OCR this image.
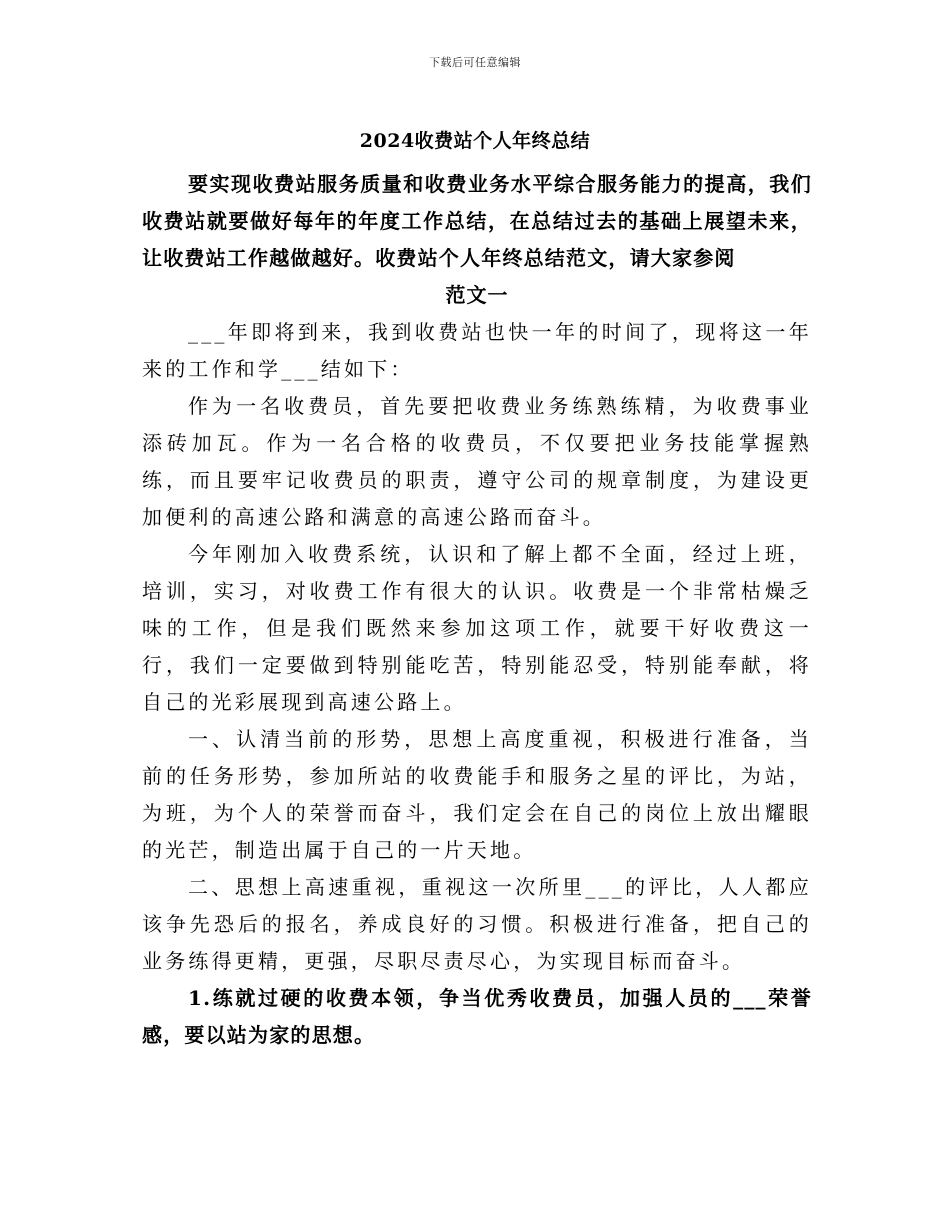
下载后可任意编辑
2024收费站个人年终总结

要实现收费站服务质量和收费业务水平综合服务能力的提高，我们收费站就要做好每年的年度工作总结，在总结过去的基础上展望未来，让收费站工作越做越好。收费站个人年终总结范文，请大家参阅

范文一

___年即将到来，我到收费站也快一年的时间了，现将这一年来的工作和学___结如下：

作为一名收费员，首先要把收费业务练熟练精，为收费事业添砖加瓦。作为一名合格的收费员，不仅要把业务技能掌握熟练，而且要牢记收费员的职责，遵守公司的规章制度，为建设更加便利的高速公路和满意的高速公路而奋斗。

今年刚加入收费系统，认识和了解上都不全面，经过上班，培训，实习，对收费工作有很大的认识。收费是一个非常枯燥乏味的工作，但是我们既然来参加这项工作，就要干好收费这一行，我们一定要做到特别能吃苦，特别能忍受，特别能奉献，将自己的光彩展现到高速公路上。

一、认清当前的形势，思想上高度重视，积极进行准备，当前的任务形势，参加所站的收费能手和服务之星的评比，为站，为班，为个人的荣誉而奋斗，我们定会在自己的岗位上放出耀眼的光芒，制造出属于自己的一片天地。

二、思想上高速重视，重视这一次所里___的评比，人人都应该争先恐后的报名，养成良好的习惯。积极进行准备，把自己的业务练得更精，更强，尽职尽责尽心，为实现目标而奋斗。

1.练就过硬的收费本领，争当优秀收费员，加强人员的___荣誉感，要以站为家的思想。
